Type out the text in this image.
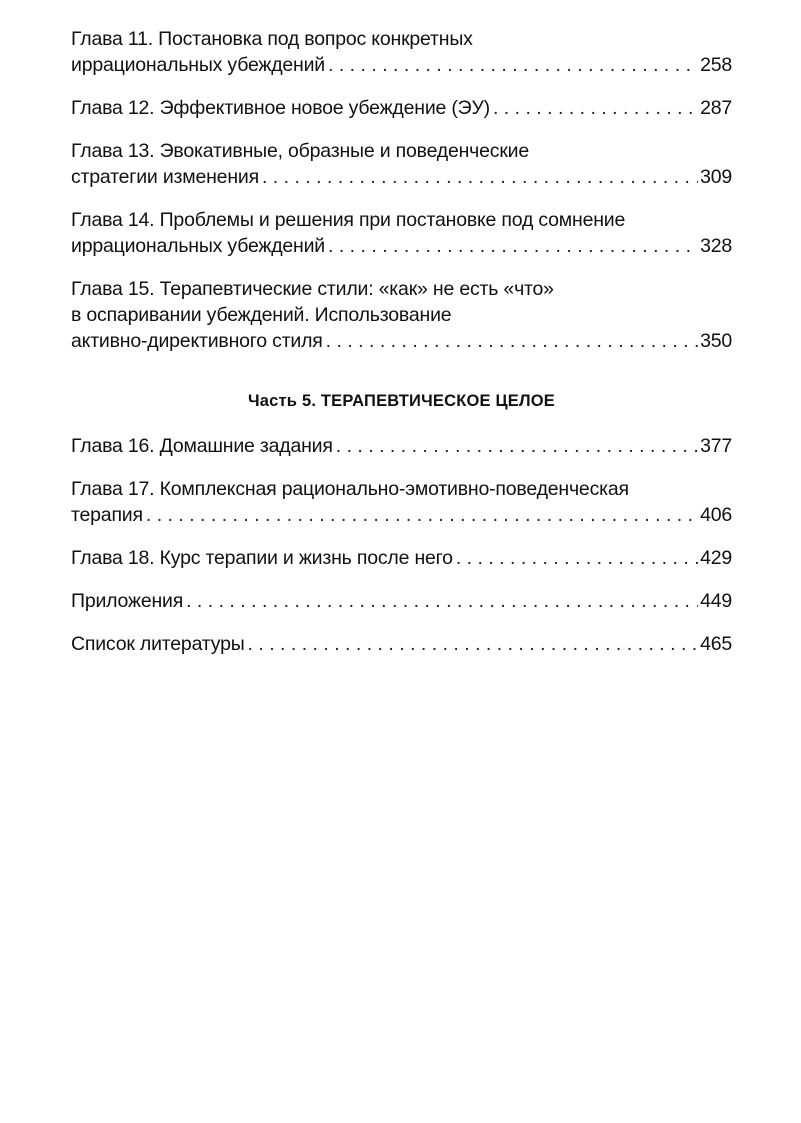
Глава 11. Постановка под вопрос конкретных
иррациональных убеждений . . .	258
Глава 12. Эффективное новое убеждение (ЭУ) . . .	287
Глава 13. Эвокативные, образные и поведенческие
стратегии изменения . . .	309
Глава 14. Проблемы и решения при постановке под сомнение
иррациональных убеждений . . .	328
Глава 15. Терапевтические стили: «как» не есть «что»
в оспаривании убеждений. Использование
активно-директивного стиля . . .	350
Часть 5. ТЕРАПЕВТИЧЕСКОЕ ЦЕЛОЕ
Глава 16. Домашние задания . . .	377
Глава 17. Комплексная рационально-эмотивно-поведенческая
терапия . . .	406
Глава 18. Курс терапии и жизнь после него . . .	429
Приложения . . .	449
Список литературы . . .	465
